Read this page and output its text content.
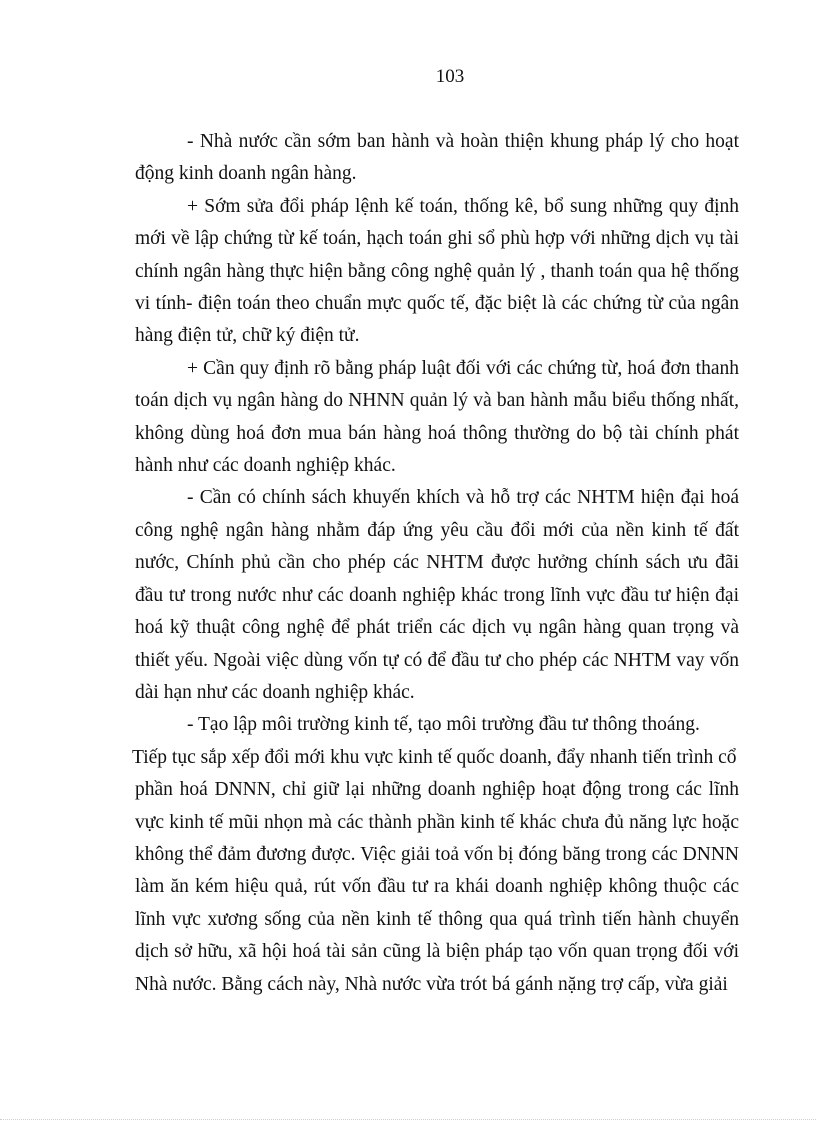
103

- Nhà nước cần sớm ban hành và hoàn thiện khung pháp lý cho hoạt động kinh doanh ngân hàng.

+ Sớm sửa đổi pháp lệnh kế toán, thống kê, bổ sung những quy định mới về lập chứng từ kế toán, hạch toán ghi sổ phù hợp với những dịch vụ tài chính ngân hàng thực hiện bằng công nghệ quản lý , thanh toán qua hệ thống vi tính- điện toán theo chuẩn mực quốc tế, đặc biệt là các chứng từ của ngân hàng điện tử, chữ ký điện tử.

+ Cần quy định rõ bằng pháp luật đối với các chứng từ, hoá đơn thanh toán dịch vụ ngân hàng do NHNN quản lý và ban hành mẫu biểu thống nhất, không dùng hoá đơn mua bán hàng hoá thông thường do bộ tài chính phát hành như các doanh nghiệp khác.

- Cần có chính sách khuyến khích và hỗ trợ các NHTM hiện đại hoá công nghệ ngân hàng nhằm đáp ứng yêu cầu đổi mới của nền kinh tế đất nước, Chính phủ cần cho phép các NHTM được hưởng chính sách ưu đãi đầu tư trong nước như các doanh nghiệp khác trong lĩnh vực đầu tư hiện đại hoá kỹ thuật công nghệ để phát triển các dịch vụ ngân hàng quan trọng và thiết yếu. Ngoài việc dùng vốn tự có để đầu tư cho phép các NHTM vay vốn dài hạn như các doanh nghiệp khác.

- Tạo lập môi trường kinh tế, tạo môi trường đầu tư thông thoáng.

Tiếp tục sắp xếp đổi mới khu vực kinh tế quốc doanh, đẩy nhanh tiến trình cổ

phần hoá DNNN, chỉ giữ lại những doanh nghiệp hoạt động trong các lĩnh vực kinh tế mũi nhọn mà các thành phần kinh tế khác chưa đủ năng lực hoặc không thể đảm đương được. Việc giải toả vốn bị đóng băng trong các DNNN làm ăn kém hiệu quả, rút vốn đầu tư ra khái doanh nghiệp không thuộc các lĩnh vực xương sống của nền kinh tế thông qua quá trình tiến hành chuyển dịch sở hữu, xã hội hoá tài sản cũng là biện pháp tạo vốn quan trọng đối với Nhà nước. Bằng cách này, Nhà nước vừa trót bá gánh nặng trợ cấp, vừa giải
